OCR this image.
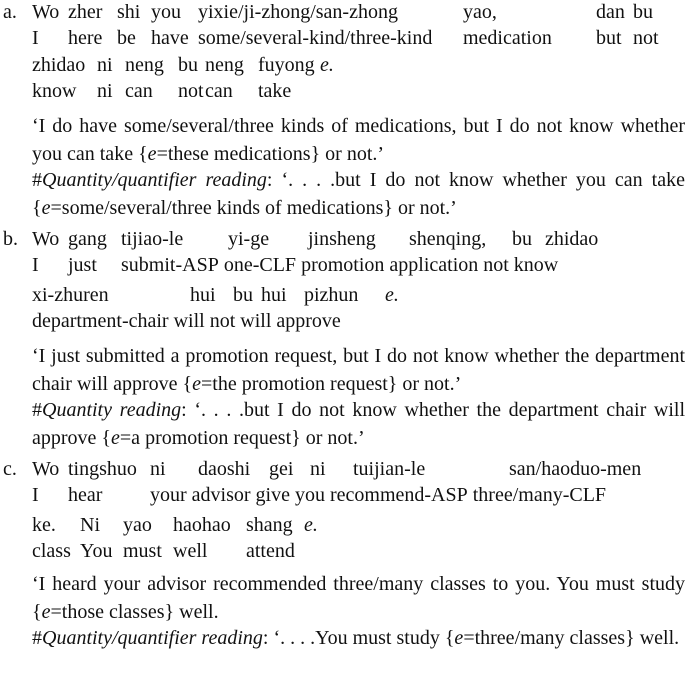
a. Wo zher shi you yixie/ji-zhong/san-zhong	yao,	dan bu
I here be have some/several-kind/three-kind medication but not
zhidao ni neng bu neng fuyong e.
know ni can not can take
‘I do have some/several/three kinds of medications, but I do not know whether you can take {e=these medications} or not.’
#Quantity/quantifier reading: ‘. . . .but I do not know whether you can take {e=some/several/three kinds of medications} or not.’
b. Wo gang tijiao-le yi-ge jinsheng shenqing, bu zhidao
I just submit-ASP one-CLF promotion application not know
xi-zhuren	hui bu hui pizhun e.
department-chair will not will approve
‘I just submitted a promotion request, but I do not know whether the department chair will approve {e=the promotion request} or not.’
#Quantity reading: ‘. . . .but I do not know whether the department chair will approve {e=a promotion request} or not.’
c. Wo tingshuo ni daoshi gei ni tuijian-le	san/haoduo-men
I hear your advisor give you recommend-ASP three/many-CLF
ke. Ni yao haohao shang e.
class You must well attend
‘I heard your advisor recommended three/many classes to you. You must study {e=those classes} well.
#Quantity/quantifier reading: ‘. . . .You must study {e=three/many classes} well.
